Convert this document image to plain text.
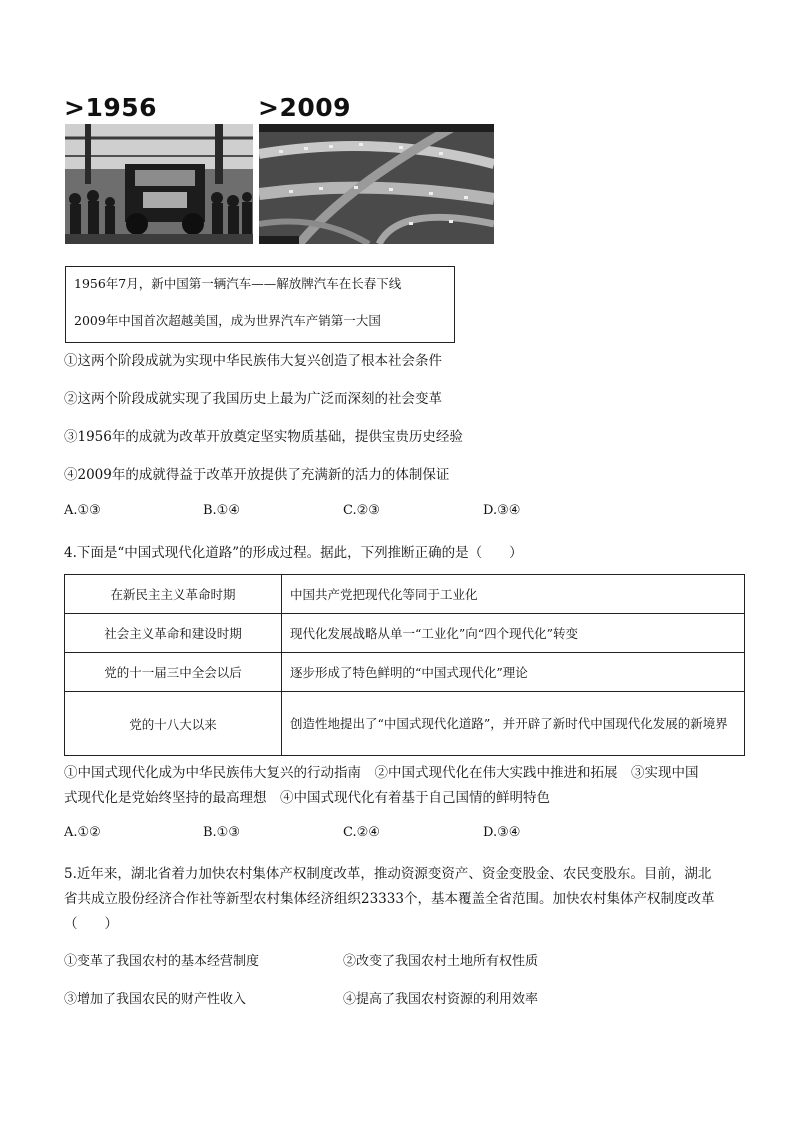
>1956	>2009
1956年7月，新中国第一辆汽车——解放牌汽车在长春下线
2009年中国首次超越美国，成为世界汽车产销第一大国
①这两个阶段成就为实现中华民族伟大复兴创造了根本社会条件
②这两个阶段成就实现了我国历史上最为广泛而深刻的社会变革
③1956年的成就为改革开放奠定坚实物质基础，提供宝贵历史经验
④2009年的成就得益于改革开放提供了充满新的活力的体制保证
A.①③	B.①④	C.②③	D.③④
4.下面是“中国式现代化道路”的形成过程。据此，下列推断正确的是（　　）
在新民主主义革命时期	中国共产党把现代化等同于工业化
社会主义革命和建设时期	现代化发展战略从单一“工业化”向“四个现代化”转变
党的十一届三中全会以后	逐步形成了特色鲜明的“中国式现代化”理论
党的十八大以来	创造性地提出了“中国式现代化道路”，并开辟了新时代中国现代化发展的新境界
①中国式现代化成为中华民族伟大复兴的行动指南　②中国式现代化在伟大实践中推进和拓展　③实现中国
式现代化是党始终坚持的最高理想　④中国式现代化有着基于自己国情的鲜明特色
A.①②	B.①③	C.②④	D.③④
5.近年来，湖北省着力加快农村集体产权制度改革，推动资源变资产、资金变股金、农民变股东。目前，湖北
省共成立股份经济合作社等新型农村集体经济组织23333个，基本覆盖全省范围。加快农村集体产权制度改革
（　　）
①变革了我国农村的基本经营制度	②改变了我国农村土地所有权性质
③增加了我国农民的财产性收入	④提高了我国农村资源的利用效率
